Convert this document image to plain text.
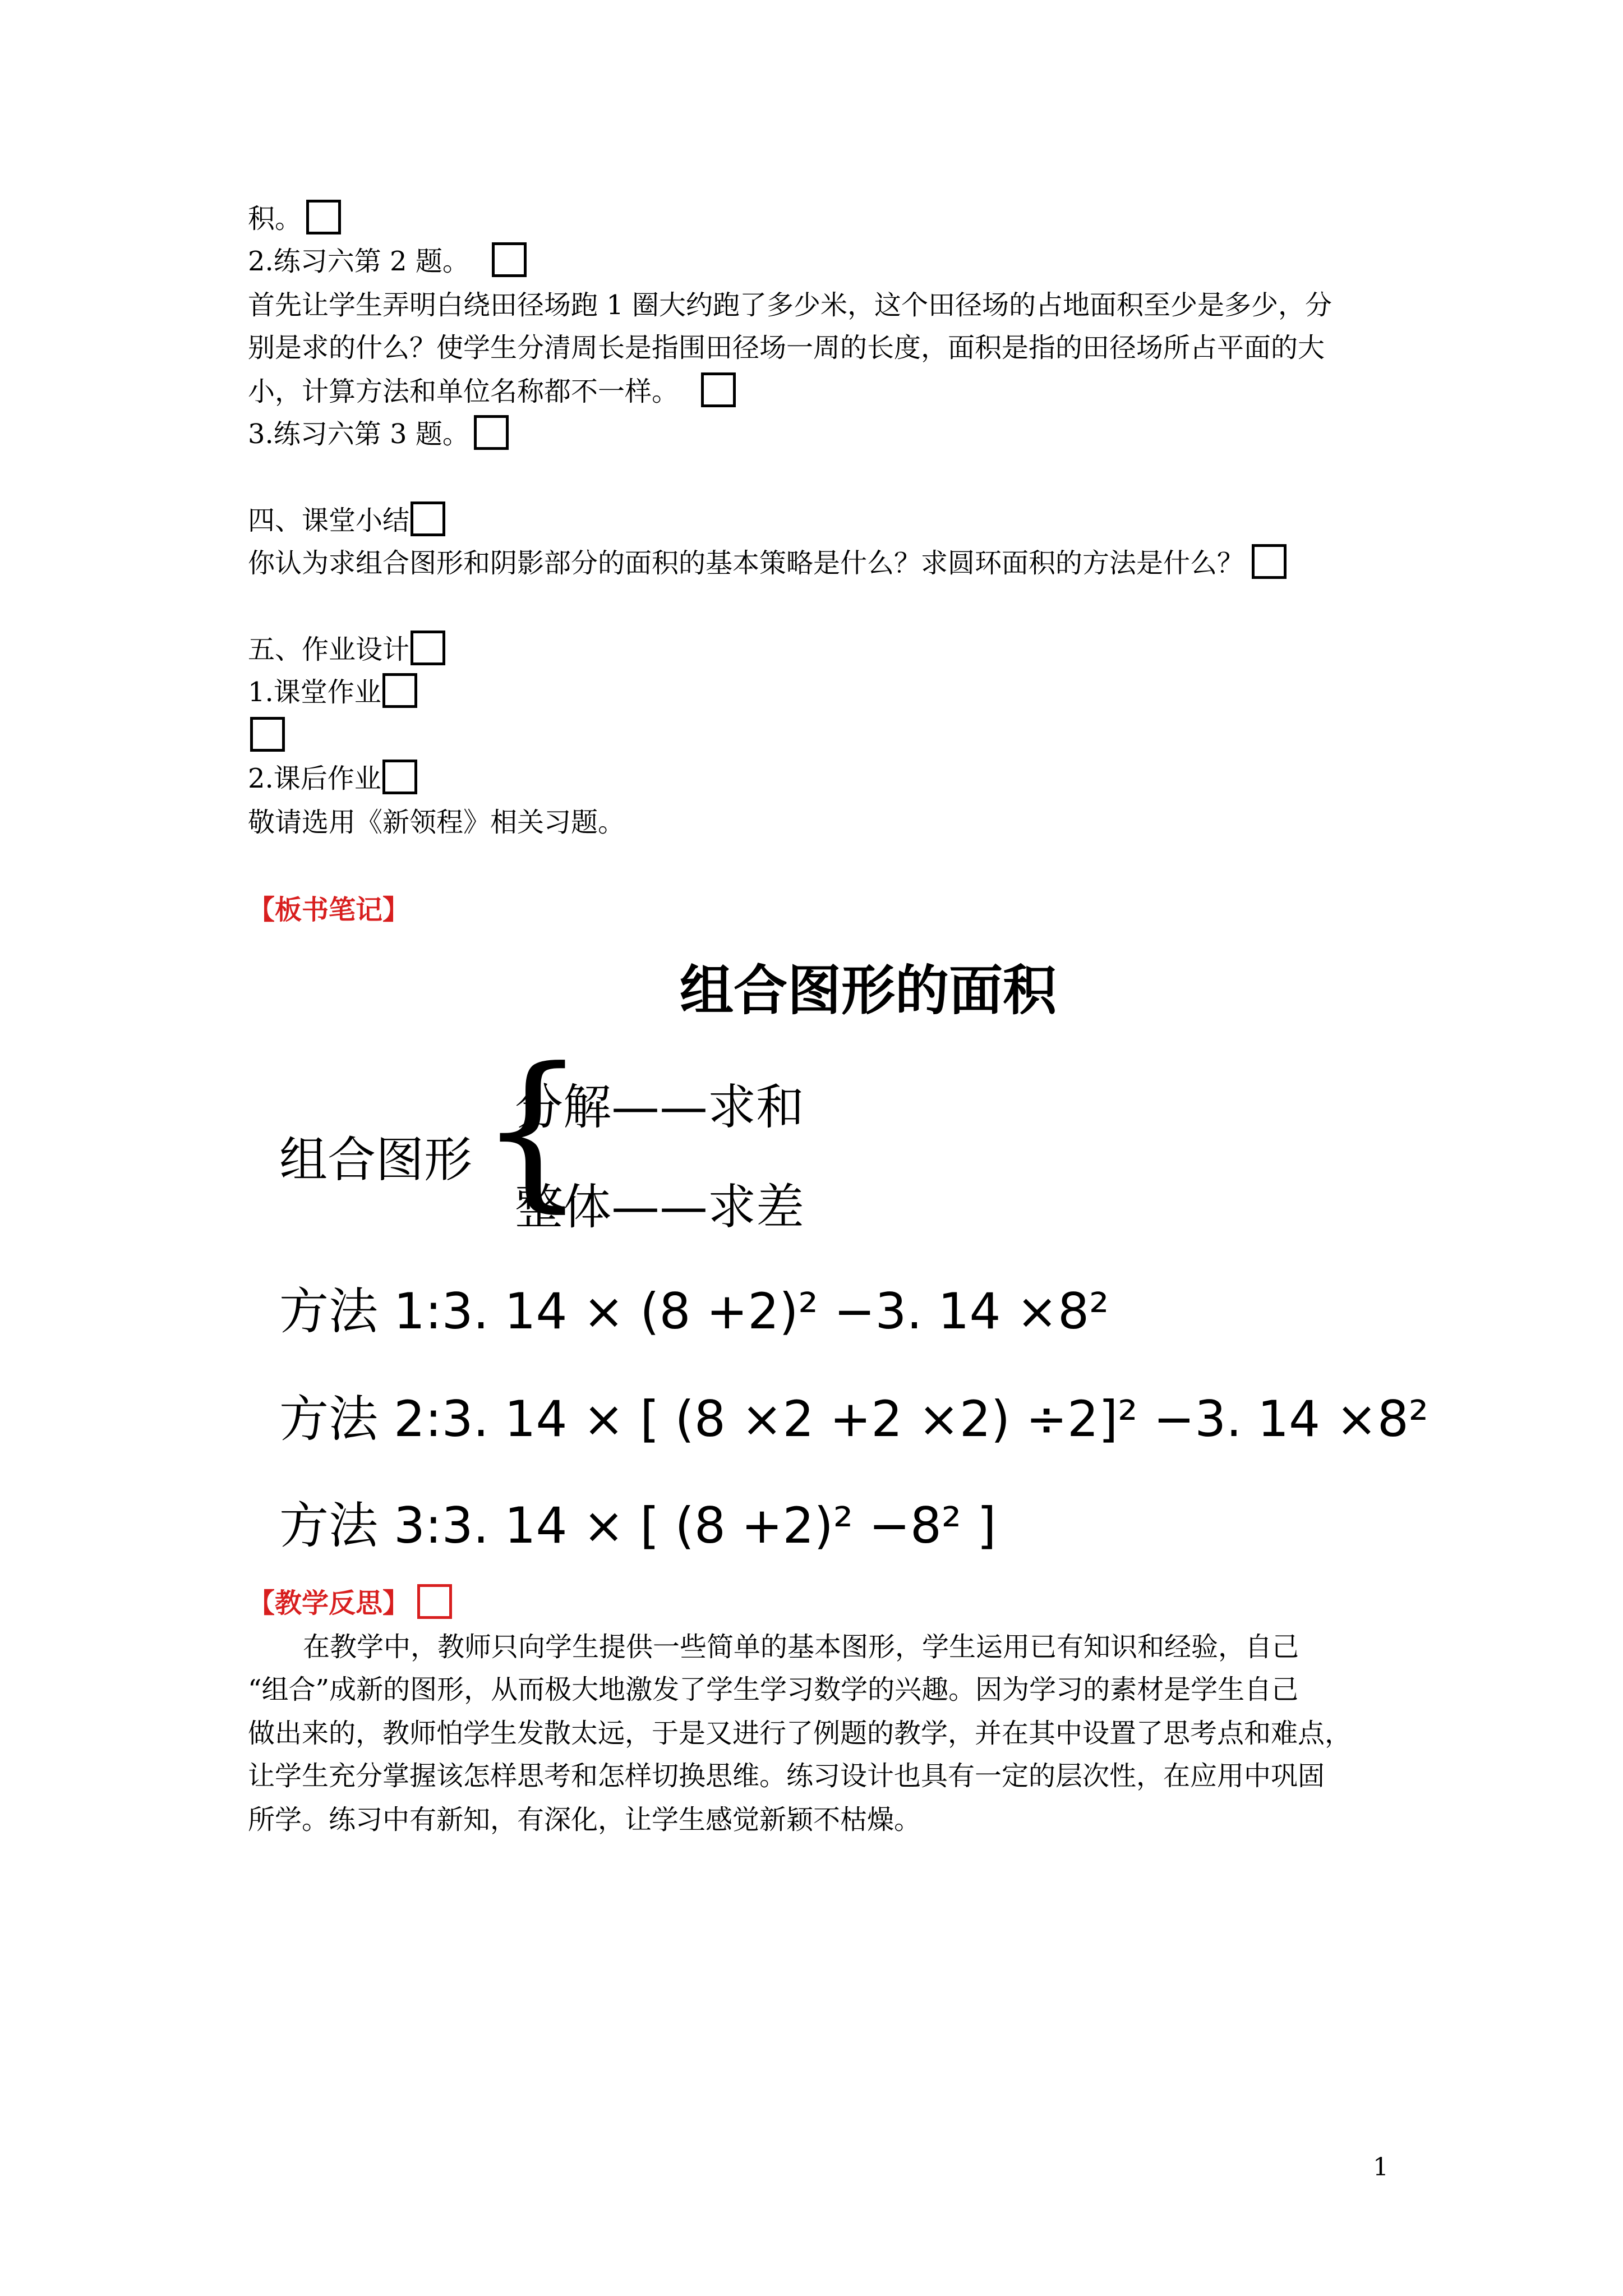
积。
2.练习六第 2 题。
首先让学生弄明白绕田径场跑 1 圈大约跑了多少米，这个田径场的占地面积至少是多少，分
别是求的什么？使学生分清周长是指围田径场一周的长度，面积是指的田径场所占平面的大
小，计算方法和单位名称都不一样。
3.练习六第 3 题。
四、课堂小结
你认为求组合图形和阴影部分的面积的基本策略是什么？求圆环面积的方法是什么？
五、作业设计
1.课堂作业
2.课后作业
敬请选用《新领程》相关习题。
【板书笔记】
组合图形的面积
组合图形 {
分解——求和
整体——求差
方法 1:3. 14 × (8 +2)² −3. 14 ×8²
方法 2:3. 14 × [ (8 ×2 +2 ×2) ÷2]² −3. 14 ×8²
方法 3:3. 14 × [ (8 +2)² −8² ]
【教学反思】
在教学中，教师只向学生提供一些简单的基本图形，学生运用已有知识和经验，自己
“组合”成新的图形，从而极大地激发了学生学习数学的兴趣。因为学习的素材是学生自己
做出来的，教师怕学生发散太远，于是又进行了例题的教学，并在其中设置了思考点和难点，
让学生充分掌握该怎样思考和怎样切换思维。练习设计也具有一定的层次性，在应用中巩固
所学。练习中有新知，有深化，让学生感觉新颖不枯燥。
1
